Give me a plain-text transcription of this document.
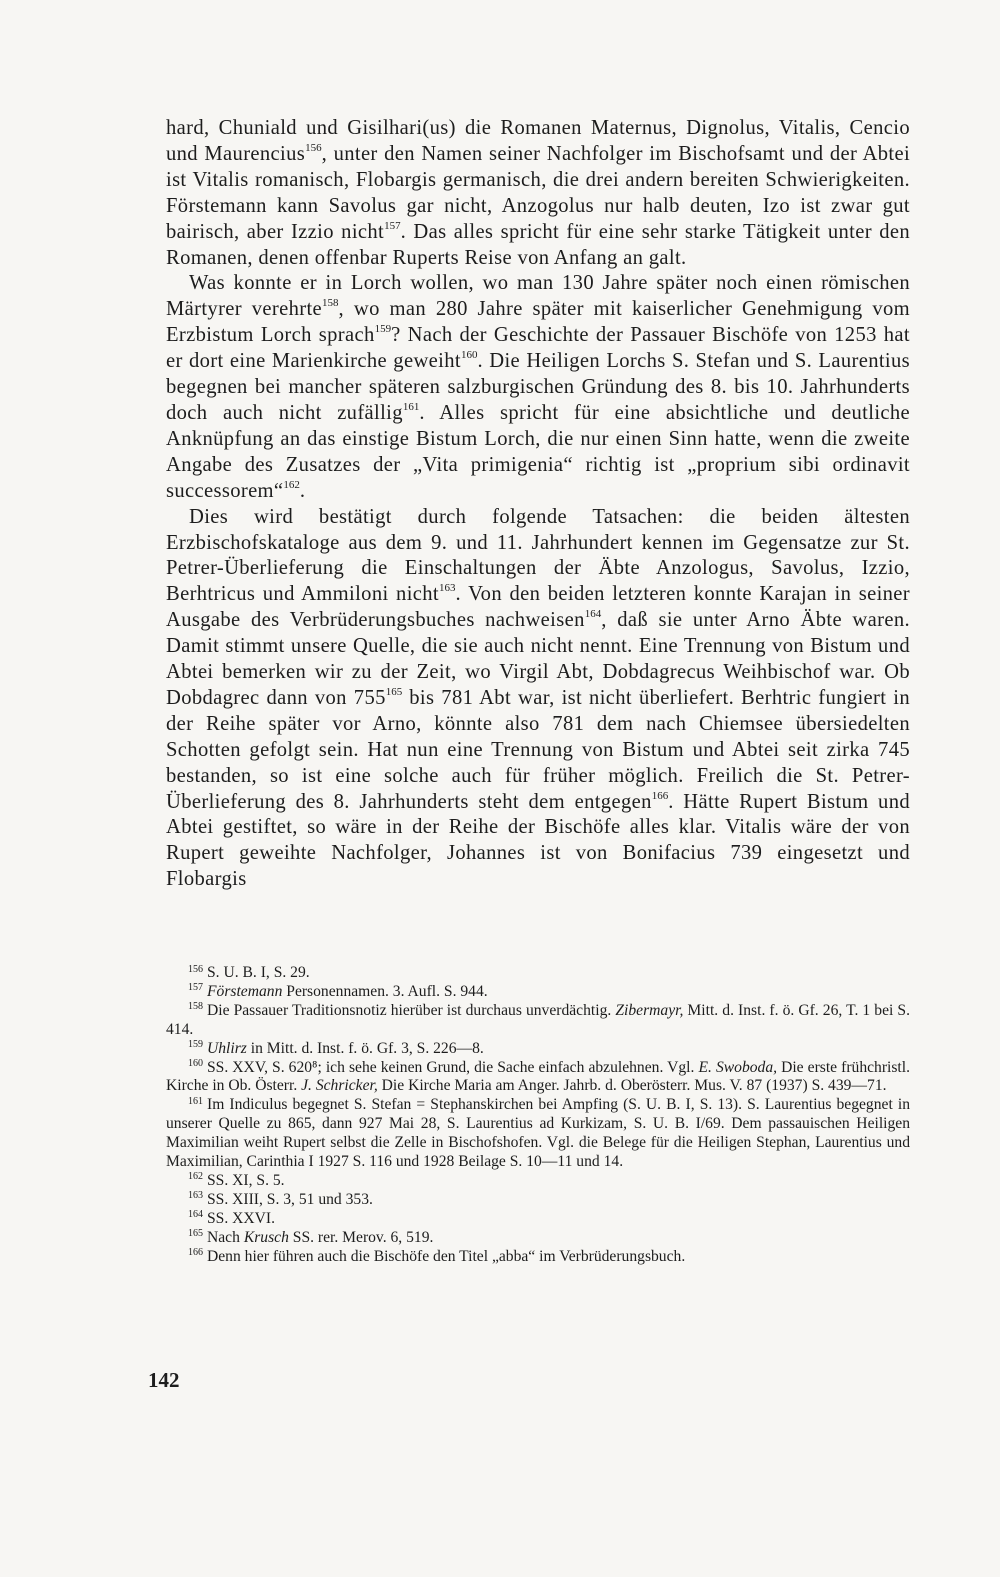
hard, Chuniald und Gisilhari(us) die Romanen Maternus, Dignolus, Vitalis, Cencio und Maurencius$^{156}$, unter den Namen seiner Nachfolger im Bischofsamt und der Abtei ist Vitalis romanisch, Flobargis germanisch, die drei andern bereiten Schwierigkeiten. Förstemann kann Savolus gar nicht, Anzogolus nur halb deuten, Izo ist zwar gut bairisch, aber Izzio nicht$^{157}$. Das alles spricht für eine sehr starke Tätigkeit unter den Romanen, denen offenbar Ruperts Reise von Anfang an galt.

Was konnte er in Lorch wollen, wo man 130 Jahre später noch einen römischen Märtyrer verehrte$^{158}$, wo man 280 Jahre später mit kaiserlicher Genehmigung vom Erzbistum Lorch sprach$^{159}$? Nach der Geschichte der Passauer Bischöfe von 1253 hat er dort eine Marienkirche geweiht$^{160}$. Die Heiligen Lorchs S. Stefan und S. Laurentius begegnen bei mancher späteren salzburgischen Gründung des 8. bis 10. Jahrhunderts doch auch nicht zufällig$^{161}$. Alles spricht für eine absichtliche und deutliche Anknüpfung an das einstige Bistum Lorch, die nur einen Sinn hatte, wenn die zweite Angabe des Zusatzes der „Vita primigenia“ richtig ist „proprium sibi ordinavit successorem“$^{162}$.

Dies wird bestätigt durch folgende Tatsachen: die beiden ältesten Erzbischofskataloge aus dem 9. und 11. Jahrhundert kennen im Gegensatze zur St. Petrer-Überlieferung die Einschaltungen der Äbte Anzologus, Savolus, Izzio, Berhtricus und Ammiloni nicht$^{163}$. Von den beiden letzteren konnte Karajan in seiner Ausgabe des Verbrüderungsbuches nachweisen$^{164}$, daß sie unter Arno Äbte waren. Damit stimmt unsere Quelle, die sie auch nicht nennt. Eine Trennung von Bistum und Abtei bemerken wir zu der Zeit, wo Virgil Abt, Dobdagrecus Weihbischof war. Ob Dobdagrec dann von $755^{165}$ bis 781 Abt war, ist nicht überliefert. Berhtric fungiert in der Reihe später vor Arno, könnte also 781 dem nach Chiemsee übersiedelten Schotten gefolgt sein. Hat nun eine Trennung von Bistum und Abtei seit zirka 745 bestanden, so ist eine solche auch für früher möglich. Freilich die St. Petrer-Überlieferung des 8. Jahrhunderts steht dem entgegen$^{166}$. Hätte Rupert Bistum und Abtei gestiftet, so wäre in der Reihe der Bischöfe alles klar. Vitalis wäre der von Rupert geweihte Nachfolger, Johannes ist von Bonifacius 739 eingesetzt und Flobargis

$^{156}$ S. U. B. I, S. 29.

$^{157}$ Förstemann Personennamen. 3. Aufl. S. 944.

$^{158}$ Die Passauer Traditionsnotiz hierüber ist durchaus unverdächtig. Zibermayr, Mitt. d. Inst. f. ö. Gf. 26, T. 1 bei S. 414.

$^{159}$ Uhlirz in Mitt. d. Inst. f. ö. Gf. 3, S. 226—8.

$^{160}$ SS. XXV, S. 620⁸; ich sehe keinen Grund, die Sache einfach abzulehnen. Vgl. E. Swoboda, Die erste frühchristl. Kirche in Ob. Österr. J. Schricker, Die Kirche Maria am Anger. Jahrb. d. Oberösterr. Mus. V. 87 (1937) S. 439—71.

$^{161}$ Im Indiculus begegnet S. Stefan = Stephanskirchen bei Ampfing (S. U. B. I, S. 13). S. Laurentius begegnet in unserer Quelle zu 865, dann 927 Mai 28, S. Laurentius ad Kurkizam, S. U. B. I/69. Dem passauischen Heiligen Maximilian weiht Rupert selbst die Zelle in Bischofshofen. Vgl. die Belege für die Heiligen Stephan, Laurentius und Maximilian, Carinthia I 1927 S. 116 und 1928 Beilage S. 10—11 und 14.

$^{162}$ SS. XI, S. 5.

$^{163}$ SS. XIII, S. 3, 51 und 353.

$^{164}$ SS. XXVI.

$^{165}$ Nach Krusch SS. rer. Merov. 6, 519.

$^{166}$ Denn hier führen auch die Bischöfe den Titel „abba“ im Verbrüderungsbuch.

142
